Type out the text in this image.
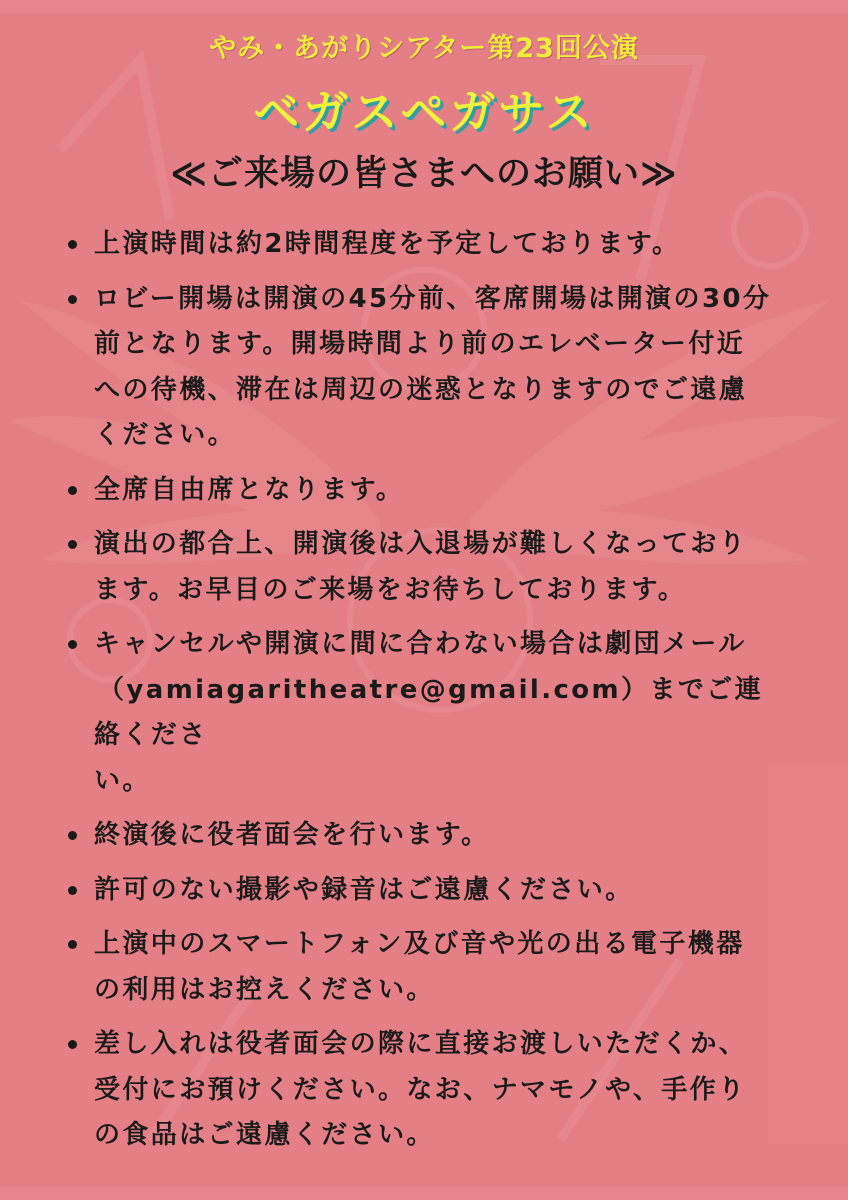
やみ・あがりシアター第23回公演
ベガスペガサス
≪ご来場の皆さまへのお願い≫
上演時間は約2時間程度を予定しております。
ロビー開場は開演の45分前、客席開場は開演の30分
前となります。開場時間より前のエレベーター付近
への待機、滞在は周辺の迷惑となりますのでご遠慮
ください。
全席自由席となります。
演出の都合上、開演後は入退場が難しくなっており
ます。お早目のご来場をお待ちしております。
キャンセルや開演に間に合わない場合は劇団メール
（yamiagaritheatre@gmail.com）までご連絡くださ
い。
終演後に役者面会を行います。
許可のない撮影や録音はご遠慮ください。
上演中のスマートフォン及び音や光の出る電子機器
の利用はお控えください。
差し入れは役者面会の際に直接お渡しいただくか、
受付にお預けください。なお、ナマモノや、手作り
の食品はご遠慮ください。
